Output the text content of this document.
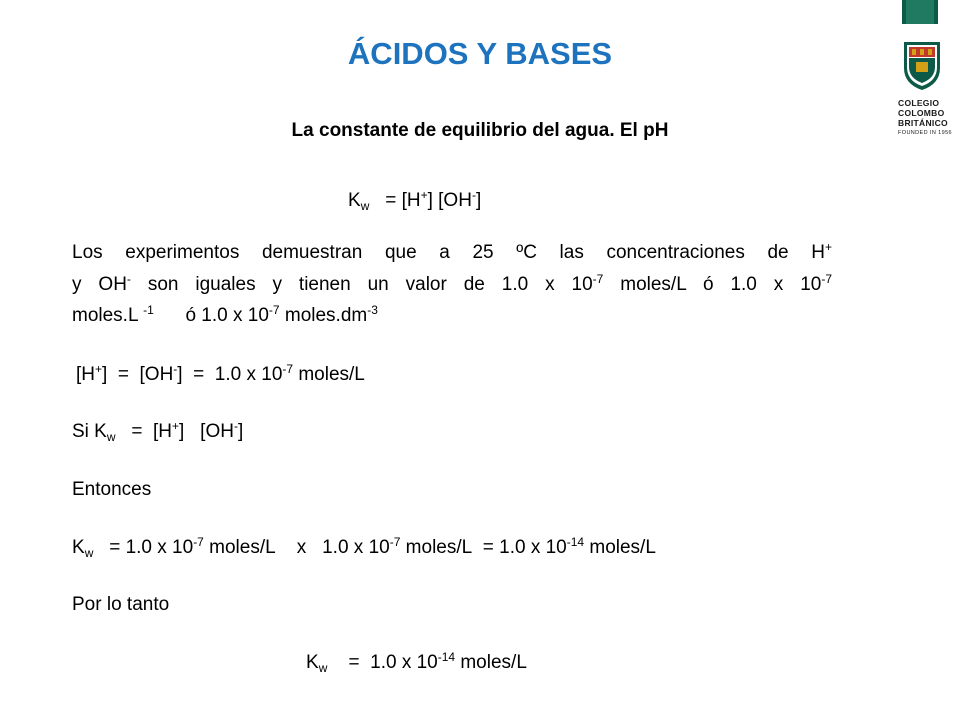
COLEGIO
COLOMBO
BRITÁNICO
FOUNDED IN 1956
ÁCIDOS Y BASES
La constante de equilibrio del agua. El pH
$K_w = [H^+]$ [OH-]
Los experimentos demuestran que a 25 ºC las concentraciones de H+
y OH- son iguales y tienen un valor de 1.0 x $10^{-7}$ moles/L ó 1.0 x $10^{-7}$
moles.L $^{-1}$      ó 1.0 x $10^{-7}$ $moles.dm^{-3}$
[H+]  =  [OH-]  =  1.0 x $10^{-7}$ moles/L
Si $K_w = [H^+]$   [OH-]
Entonces
$K_w = 1.0$ x $10^{-7}$ moles/L    x   1.0 x $10^{-7}$ moles/L  = 1.0 x $10^{-14}$ moles/L
Por lo tanto
$K_w$    =  1.0 x $10^{-14}$ moles/L
